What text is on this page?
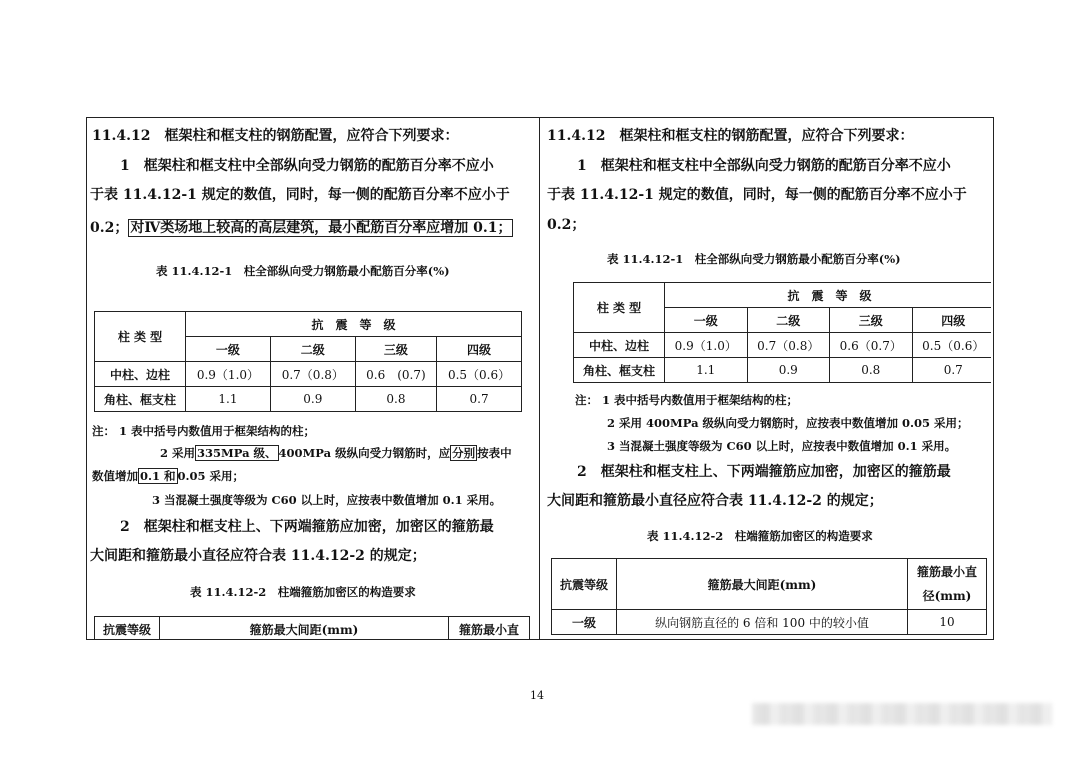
11.4.12　框架柱和框支柱的钢筋配置，应符合下列要求：
1　框架柱和框支柱中全部纵向受力钢筋的配筋百分率不应小
于表 11.4.12-1 规定的数值，同时，每一侧的配筋百分率不应小于
0.2； 对Ⅳ类场地上较高的高层建筑，最小配筋百分率应增加 0.1；
表 11.4.12-1　柱全部纵向受力钢筋最小配筋百分率(%)
柱 类 型	抗　震　等　级			
	一级	二级	三级	四级
中柱、边柱	0.9（1.0）	0.7（0.8）	0.6　(0.7)	0.5（0.6）
角柱、框支柱	1.1	0.9	0.8	0.7
注： 1 表中括号内数值用于框架结构的柱；
2 采用 335MPa 级、 400MPa 级纵向受力钢筋时，应 分别 按表中
数值增加 0.1 和 0.05 采用；
3 当混凝土强度等级为 C60 以上时，应按表中数值增加 0.1 采用。
2　框架柱和框支柱上、下两端箍筋应加密，加密区的箍筋最
大间距和箍筋最小直径应符合表 11.4.12-2 的规定；
表 11.4.12-2　柱端箍筋加密区的构造要求
抗震等级	箍筋最大间距(mm)	箍筋最小直
11.4.12　框架柱和框支柱的钢筋配置，应符合下列要求：
1　框架柱和框支柱中全部纵向受力钢筋的配筋百分率不应小
于表 11.4.12-1 规定的数值，同时，每一侧的配筋百分率不应小于
0.2；
表 11.4.12-1　柱全部纵向受力钢筋最小配筋百分率(%)
柱 类 型	抗　震　等　级			
	一级	二级	三级	四级
中柱、边柱	0.9（1.0）	0.7（0.8）	0.6（0.7）	0.5（0.6）
角柱、框支柱	1.1	0.9	0.8	0.7
注： 1 表中括号内数值用于框架结构的柱；
2 采用 400MPa 级纵向受力钢筋时，应按表中数值增加 0.05 采用；
3 当混凝土强度等级为 C60 以上时，应按表中数值增加 0.1 采用。
2　框架柱和框支柱上、下两端箍筋应加密，加密区的箍筋最
大间距和箍筋最小直径应符合表 11.4.12-2 的规定；
表 11.4.12-2　柱端箍筋加密区的构造要求
抗震等级	箍筋最大间距(mm)	箍筋最小直
径(mm)
一级	纵向钢筋直径的 6 倍和 100 中的较小值	10
14
